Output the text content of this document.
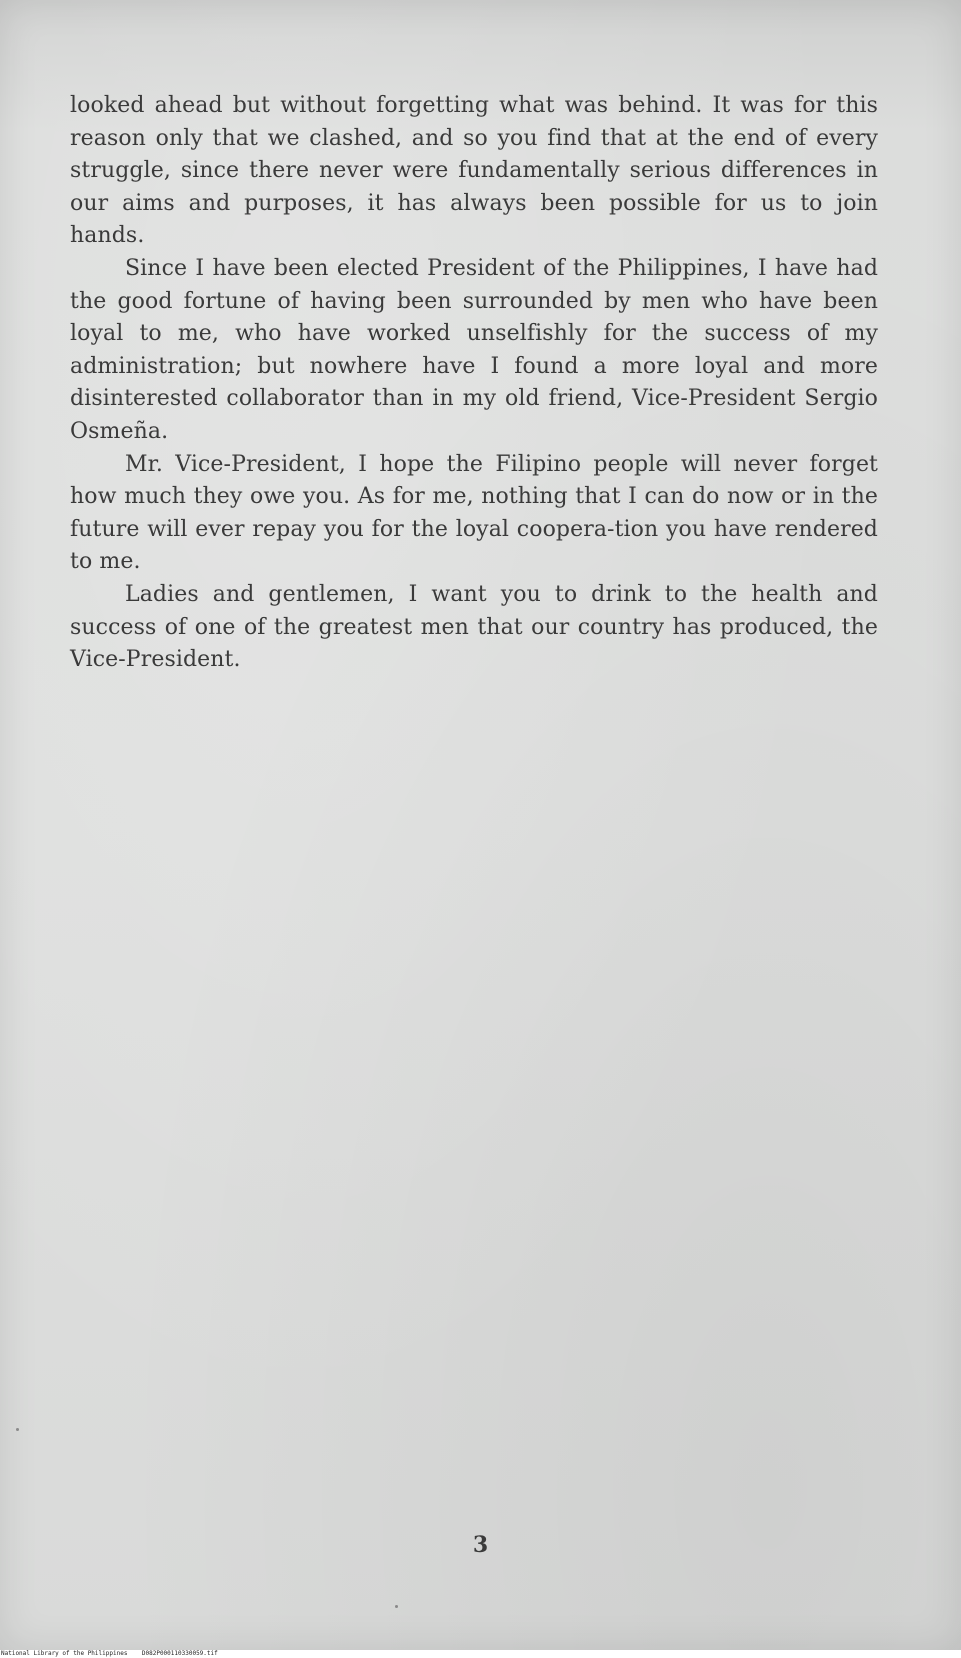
looked ahead but without forgetting what was behind. It was for this reason only that we clashed, and so you find that at the end of every struggle, since there never were fundamentally serious differences in our aims and purposes, it has always been possible for us to join hands.

Since I have been elected President of the Philippines, I have had the good fortune of having been surrounded by men who have been loyal to me, who have worked unselfishly for the success of my administration; but nowhere have I found a more loyal and more disinterested collaborator than in my old friend, Vice-President Sergio Osmeña.

Mr. Vice-President, I hope the Filipino people will never forget how much they owe you. As for me, nothing that I can do now or in the future will ever repay you for the loyal coopera-tion you have rendered to me.

Ladies and gentlemen, I want you to drink to the health and success of one of the greatest men that our country has produced, the Vice-President.

3
National Library of the Philippines    D082P000110330059.tif
